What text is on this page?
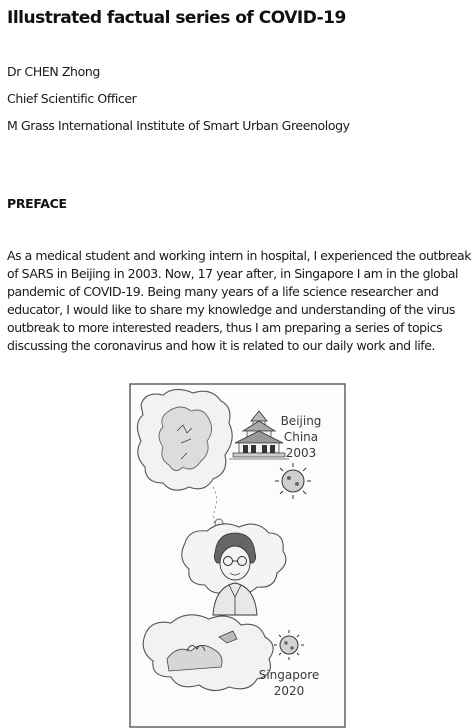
Illustrated factual series of COVID-19
Dr CHEN Zhong
Chief Scientific Officer
M Grass International Institute of Smart Urban Greenology
PREFACE
As a medical student and working intern in hospital, I experienced the outbreak
of SARS in Beijing in 2003. Now, 17 year after, in Singapore I am in the global
pandemic of COVID-19. Being many years of a life science researcher and
educator, I would like to share my knowledge and understanding of the virus
outbreak to more interested readers, thus I am preparing a series of topics
discussing the coronavirus and how it is related to our daily work and life.
Beijing
China
2003
Singapore
2020
